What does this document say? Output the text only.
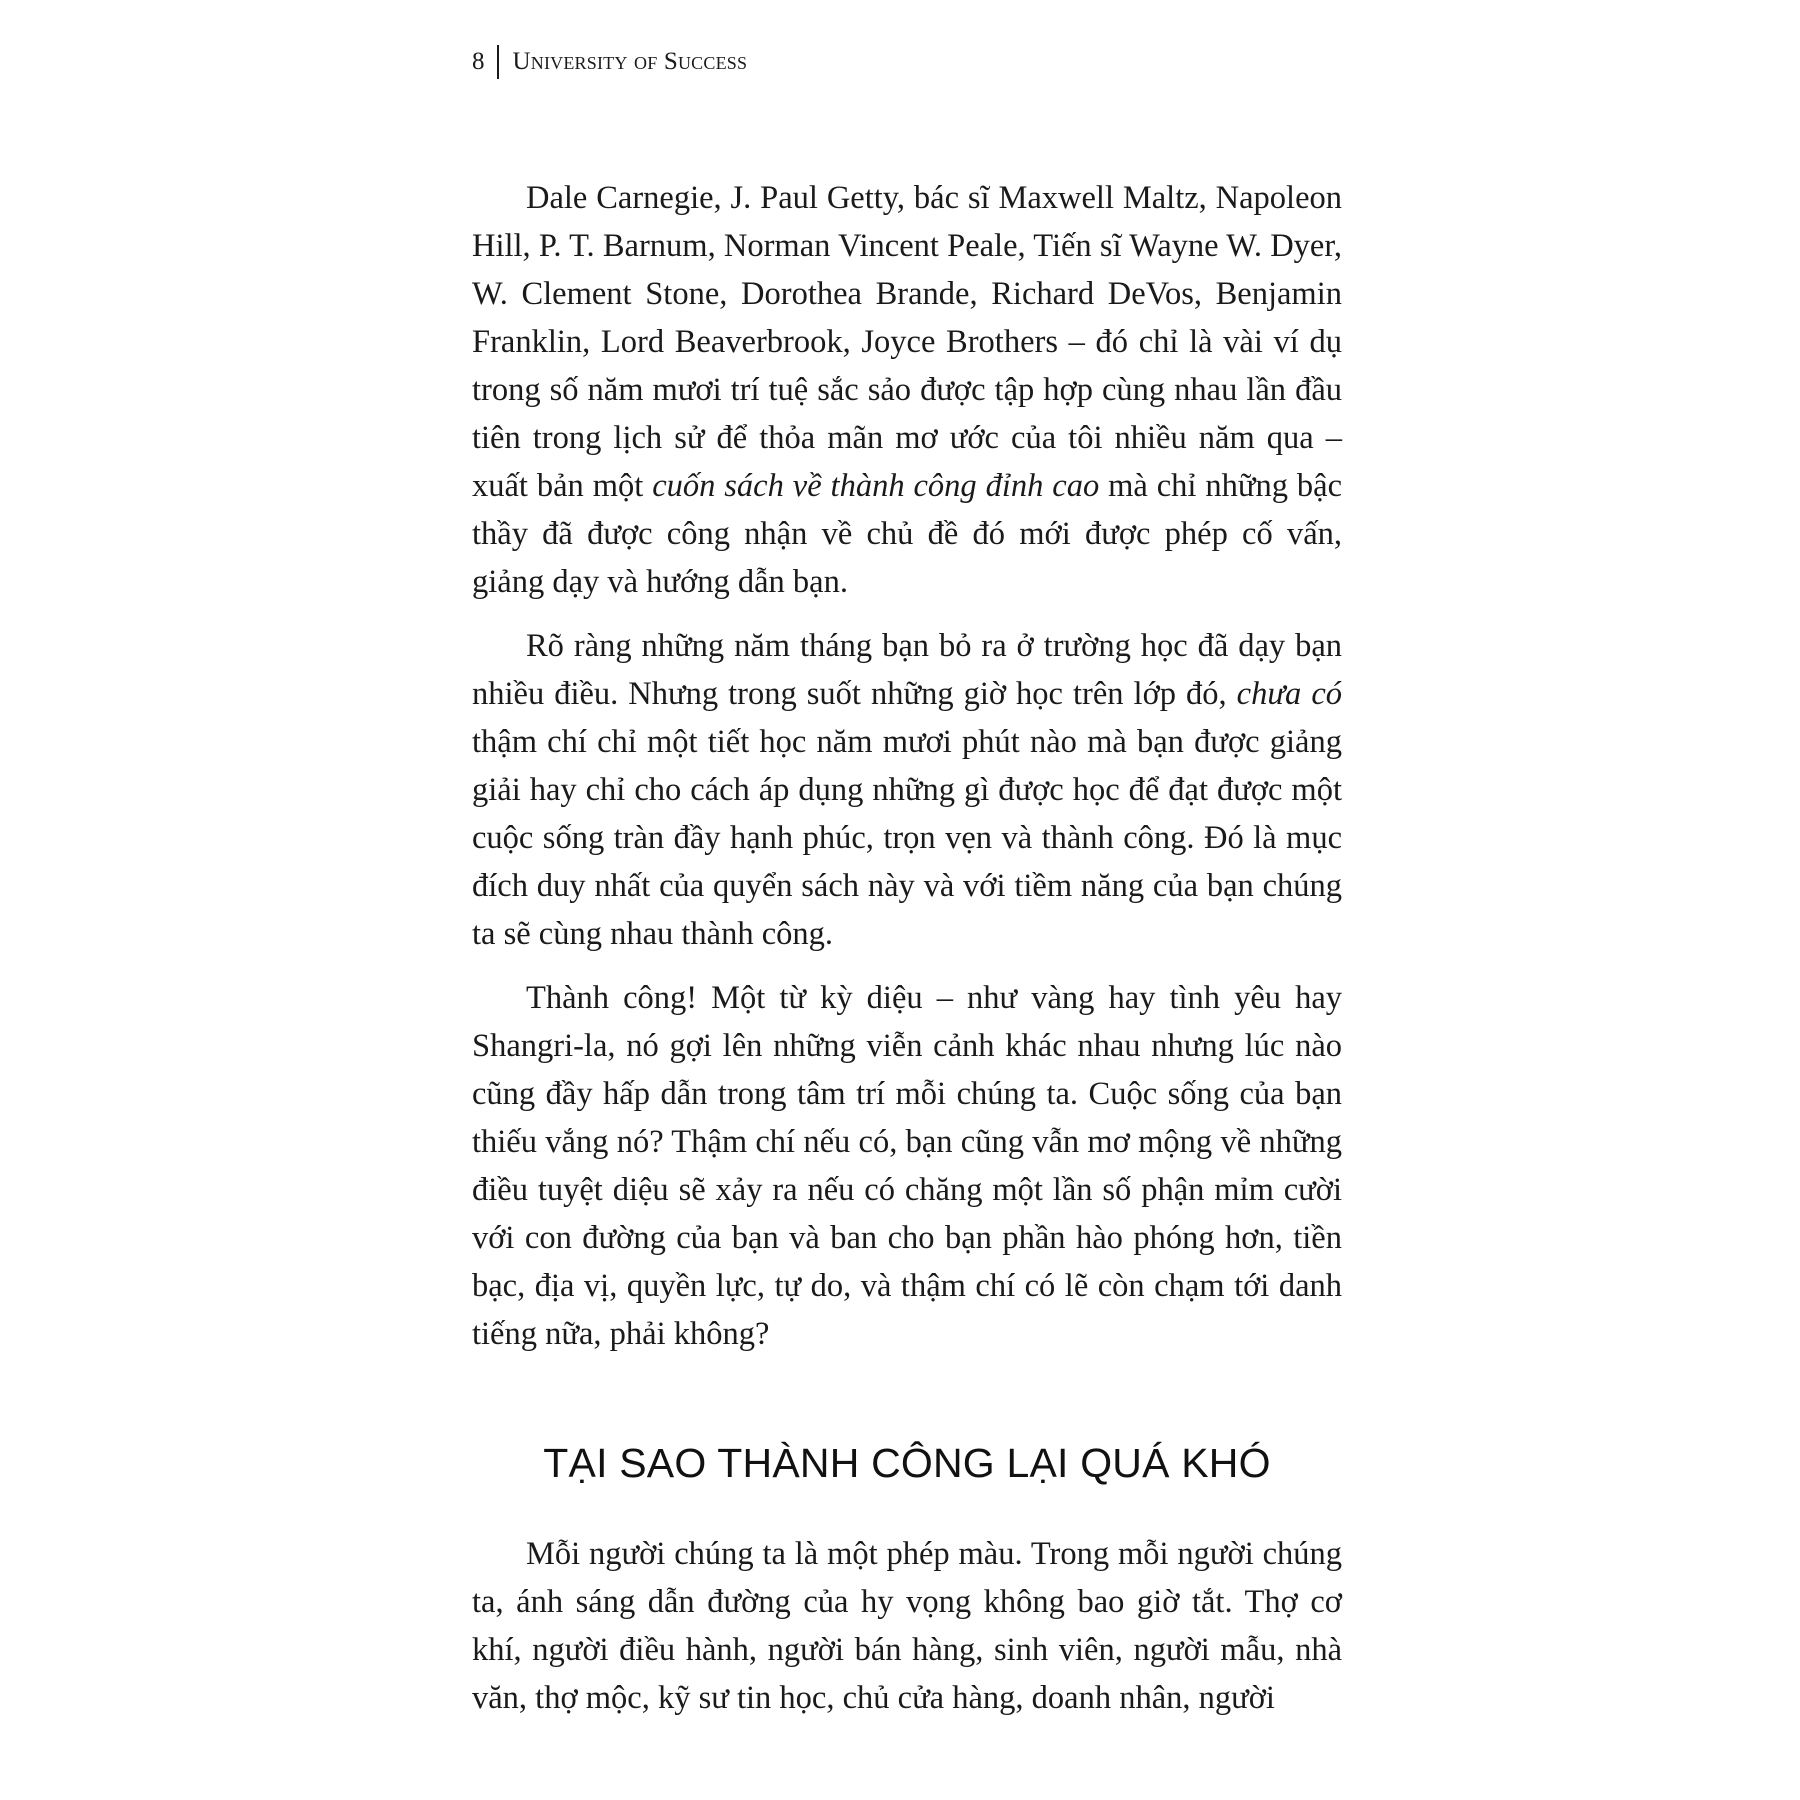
8 University of Success

Dale Carnegie, J. Paul Getty, bác sĩ Maxwell Maltz, Napoleon Hill, P. T. Barnum, Norman Vincent Peale, Tiến sĩ Wayne W. Dyer, W. Clement Stone, Dorothea Brande, Richard DeVos, Benjamin Franklin, Lord Beaverbrook, Joyce Brothers – đó chỉ là vài ví dụ trong số năm mươi trí tuệ sắc sảo được tập hợp cùng nhau lần đầu tiên trong lịch sử để thỏa mãn mơ ước của tôi nhiều năm qua – xuất bản một cuốn sách về thành công đỉnh cao mà chỉ những bậc thầy đã được công nhận về chủ đề đó mới được phép cố vấn, giảng dạy và hướng dẫn bạn.

Rõ ràng những năm tháng bạn bỏ ra ở trường học đã dạy bạn nhiều điều. Nhưng trong suốt những giờ học trên lớp đó, chưa có thậm chí chỉ một tiết học năm mươi phút nào mà bạn được giảng giải hay chỉ cho cách áp dụng những gì được học để đạt được một cuộc sống tràn đầy hạnh phúc, trọn vẹn và thành công. Đó là mục đích duy nhất của quyển sách này và với tiềm năng của bạn chúng ta sẽ cùng nhau thành công.

Thành công! Một từ kỳ diệu – như vàng hay tình yêu hay Shangri-la, nó gợi lên những viễn cảnh khác nhau nhưng lúc nào cũng đầy hấp dẫn trong tâm trí mỗi chúng ta. Cuộc sống của bạn thiếu vắng nó? Thậm chí nếu có, bạn cũng vẫn mơ mộng về những điều tuyệt diệu sẽ xảy ra nếu có chăng một lần số phận mỉm cười với con đường của bạn và ban cho bạn phần hào phóng hơn, tiền bạc, địa vị, quyền lực, tự do, và thậm chí có lẽ còn chạm tới danh tiếng nữa, phải không?

TẠI SAO THÀNH CÔNG LẠI QUÁ KHÓ

Mỗi người chúng ta là một phép màu. Trong mỗi người chúng ta, ánh sáng dẫn đường của hy vọng không bao giờ tắt. Thợ cơ khí, người điều hành, người bán hàng, sinh viên, người mẫu, nhà văn, thợ mộc, kỹ sư tin học, chủ cửa hàng, doanh nhân, người
